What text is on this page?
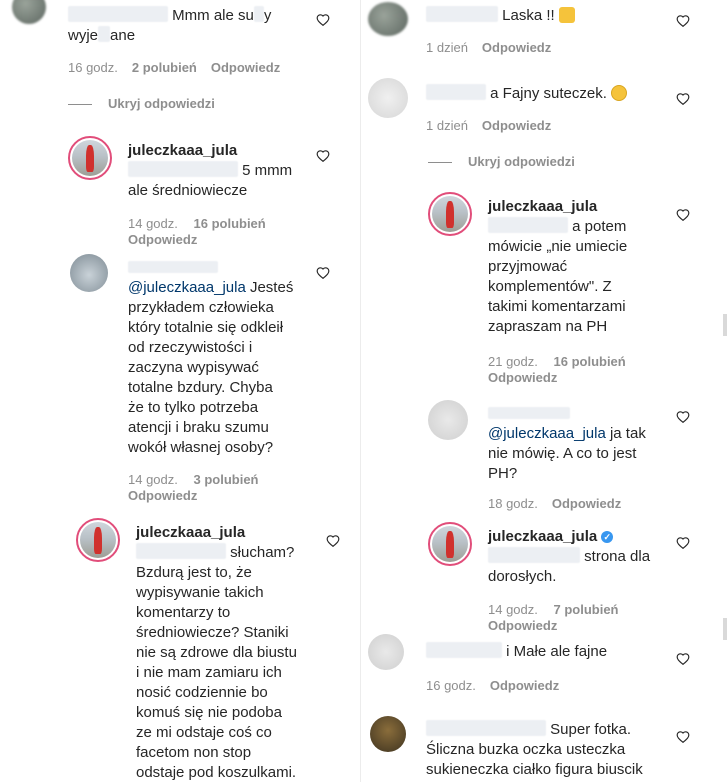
Mmm ale su y
wyje ane
16 godz. 2 polubień Odpowiedz
Ukryj odpowiedzi
juleczkaaa_jula
5 mmm
ale średniowiecze
14 godz. 16 polubień
Odpowiedz
@juleczkaaa_jula Jesteś
przykładem człowieka
który totalnie się odkleił
od rzeczywistości i
zaczyna wypisywać
totalne bzdury. Chyba
że to tylko potrzeba
atencji i braku szumu
wokół własnej osoby?
14 godz. 3 polubień
Odpowiedz
juleczkaaa_jula
słucham?
Bzdurą jest to, że
wypisywanie takich
komentarzy to
średniowiecze? Staniki
nie są zdrowe dla biustu
i nie mam zamiaru ich
nosić codziennie bo
komuś się nie podoba
ze mi odstaje coś co
facetom non stop
odstaje pod koszulkami.
Laska !!
1 dzień Odpowiedz
a Fajny suteczek.
1 dzień Odpowiedz
Ukryj odpowiedzi
juleczkaaa_jula
a potem
mówicie „nie umiecie
przyjmować
komplementów". Z
takimi komentarzami
zapraszam na PH
21 godz. 16 polubień
Odpowiedz
@juleczkaaa_jula ja tak
nie mówię. A co to jest
PH?
18 godz. Odpowiedz
juleczkaaa_jula ✓
strona dla
dorosłych.
14 godz. 7 polubień
Odpowiedz
i Małe ale fajne
16 godz. Odpowiedz
Super fotka.
Śliczna buzka oczka usteczka
sukieneczka ciałko figura biuscik
